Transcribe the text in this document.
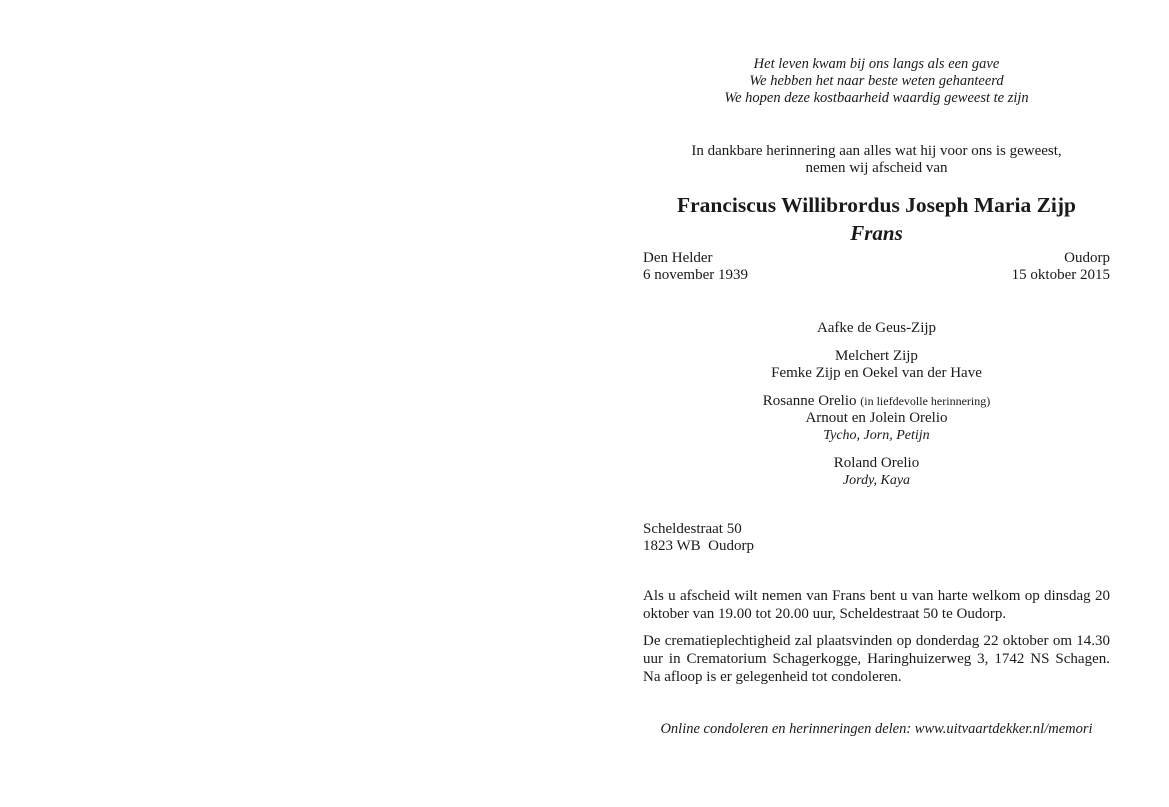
Het leven kwam bij ons langs als een gave
We hebben het naar beste weten gehanteerd
We hopen deze kostbaarheid waardig geweest te zijn
In dankbare herinnering aan alles wat hij voor ons is geweest,
nemen wij afscheid van
Franciscus Willibrordus Joseph Maria Zijp
Frans
Den Helder
6 november 1939
Oudorp
15 oktober 2015
Aafke de Geus-Zijp
Melchert Zijp
Femke Zijp en Oekel van der Have
Rosanne Orelio (in liefdevolle herinnering)
Arnout en Jolein Orelio
Tycho, Jorn, Petijn
Roland Orelio
Jordy, Kaya
Scheldestraat 50
1823 WB  Oudorp
Als u afscheid wilt nemen van Frans bent u van harte welkom op dinsdag 20 oktober van 19.00 tot 20.00 uur, Scheldestraat 50 te Oudorp.
De crematieplechtigheid zal plaatsvinden op donderdag 22 oktober om 14.30 uur in Crematorium Schagerkogge, Haringhuizerweg 3, 1742 NS Schagen. Na afloop is er gelegenheid tot condoleren.
Online condoleren en herinneringen delen: www.uitvaartdekker.nl/memori
